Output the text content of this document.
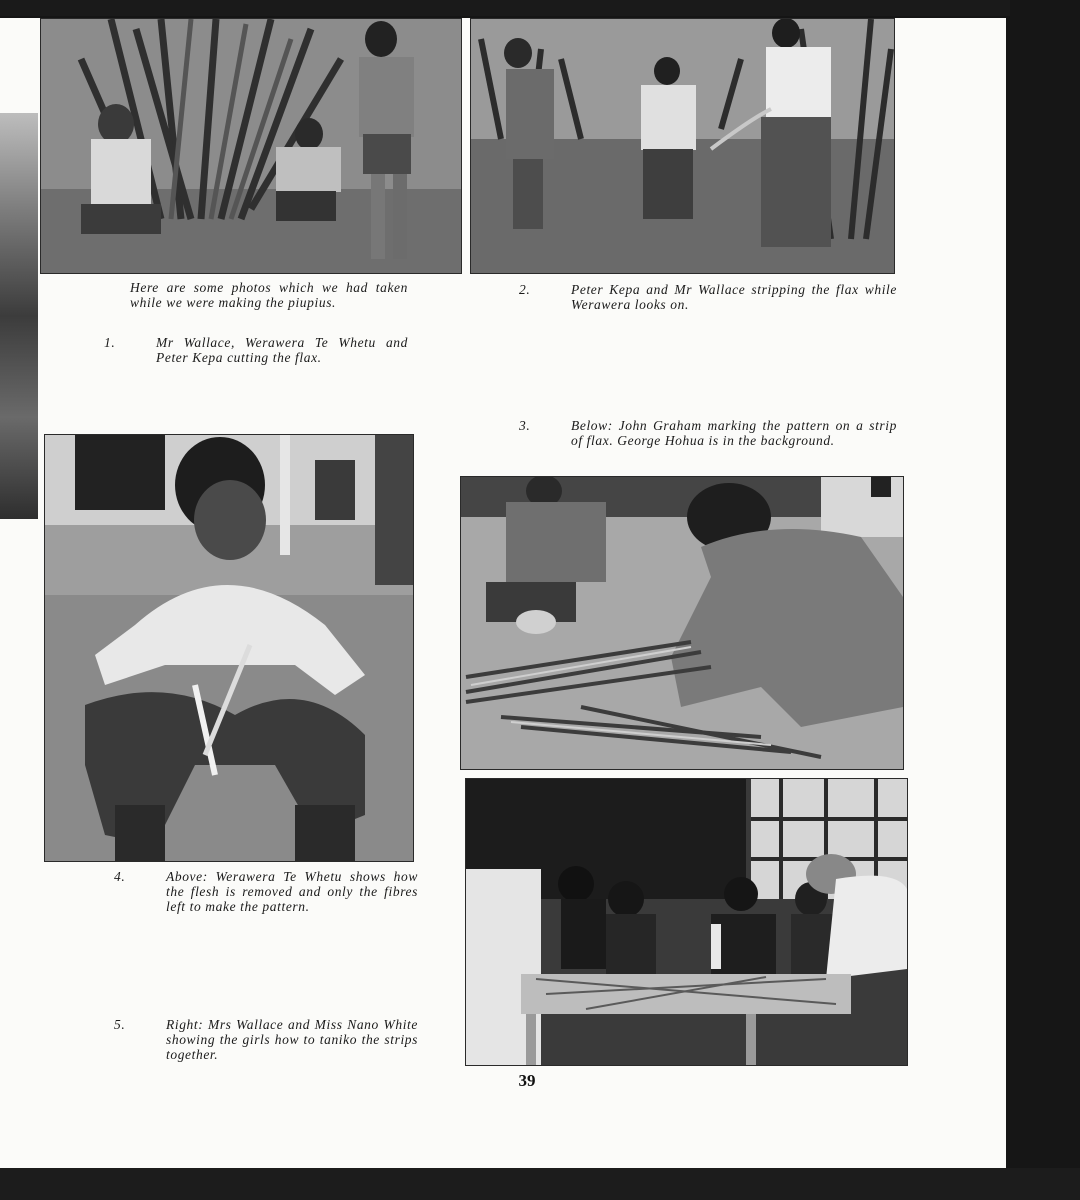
Here are some photos which we had taken while we were making the piupius.

1.	Mr Wallace, Werawera Te Whetu and Peter Kepa cutting the flax.

2.	Peter Kepa and Mr Wallace stripping the flax while Werawera looks on.

3.	Below: John Graham marking the pattern on a strip of flax. George Hohua is in the background.

4.	Above: Werawera Te Whetu shows how the flesh is removed and only the fibres left to make the pattern.

5.	Right: Mrs Wallace and Miss Nano White showing the girls how to taniko the strips together.

39
